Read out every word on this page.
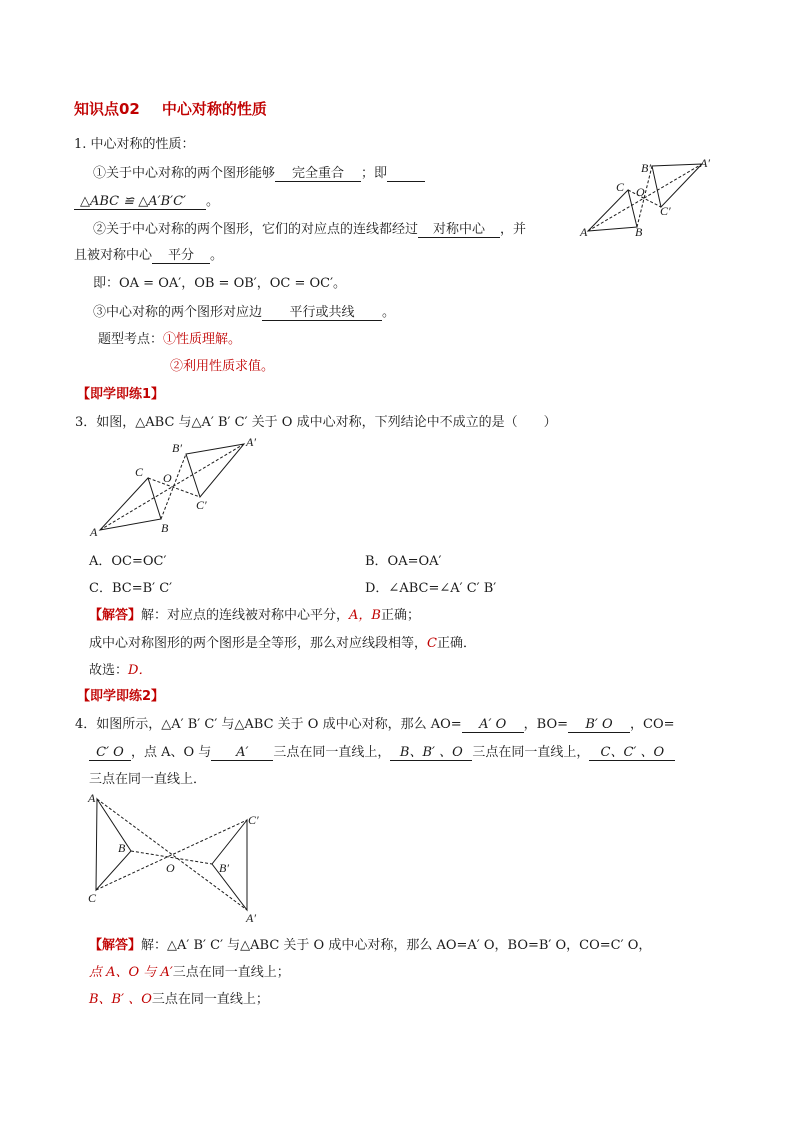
知识点02 中心对称的性质
1. 中心对称的性质：
①关于中心对称的两个图形能够 完全重合 ；即
△ABC ≌ △A′B′C′ 。
②关于中心对称的两个图形，它们的对应点的连线都经过 对称中心 ，并
且被对称中心 平分 。
即：OA = OA′，OB = OB′，OC = OC′。
③中心对称的两个图形对应边 平行或共线 。
题型考点：①性质理解。
②利用性质求值。
A	B
C O
A′
B′
C′
【即学即练1】
3．如图，△ABC 与△A′ B′ C′ 关于 O 成中心对称，下列结论中不成立的是（　　）
A	B
C O
A′
B′
C′
A．OC=OC′	B．OA=OA′
C．BC=B′ C′	D．∠ABC=∠A′ C′ B′
【解答】解：对应点的连线被对称中心平分，A，B正确；
成中心对称图形的两个图形是全等形，那么对应线段相等，C正确．
故选：D．
【即学即练2】
4．如图所示，△A′ B′ C′ 与△ABC 关于 O 成中心对称，那么 AO= A′ O ，BO= B′ O ，CO=
C′ O ，点 A、O 与 A′ 三点在同一直线上， B、B′ 、O 三点在同一直线上， C、C′ 、O
三点在同一直线上．
A
B
C
O
A′
B′
C′
【解答】解：△A′ B′ C′ 与△ABC 关于 O 成中心对称，那么 AO=A′ O，BO=B′ O，CO=C′ O，
点 A、O 与 A′三点在同一直线上；
B、B′ 、O三点在同一直线上；
